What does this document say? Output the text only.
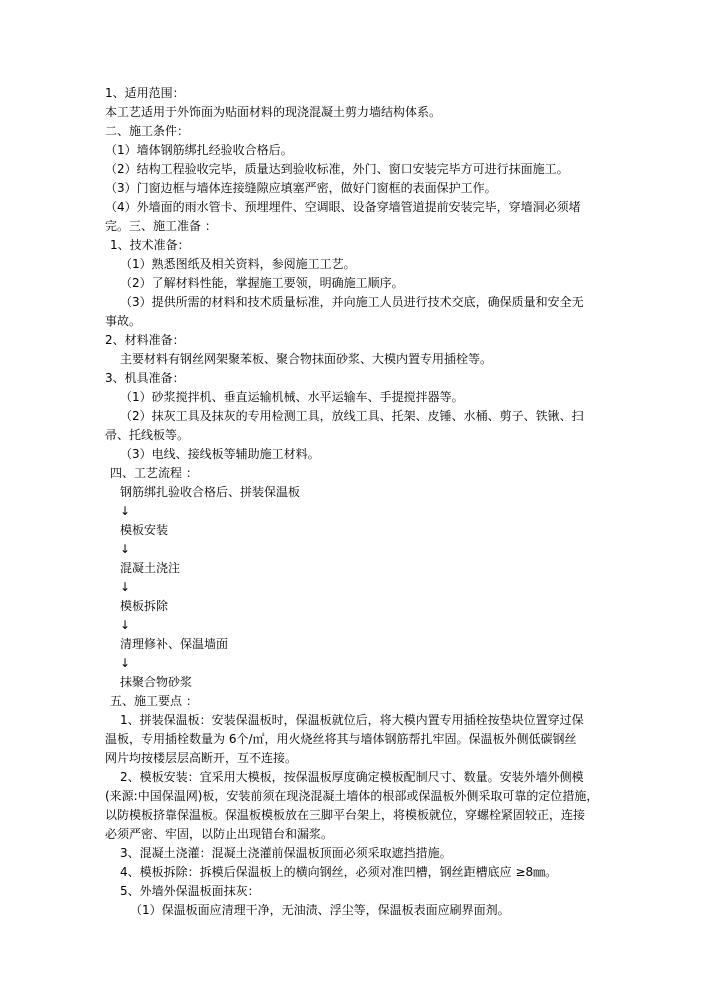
1、适用范围：
本工艺适用于外饰面为贴面材料的现浇混凝土剪力墙结构体系。
二、施工条件：
（1）墙体钢筋绑扎经验收合格后。
（2）结构工程验收完毕，质量达到验收标准，外门、窗口安装完毕方可进行抹面施工。
（3）门窗边框与墙体连接缝隙应填塞严密，做好门窗框的表面保护工作。
（4）外墙面的雨水管卡、预埋埋件、空调眼、设备穿墙管道提前安装完毕，穿墙洞必须堵
完。三、施工准备 ：
1、技术准备：
（1）熟悉图纸及相关资料，参阅施工工艺。
（2）了解材料性能，掌握施工要领，明确施工顺序。
（3）提供所需的材料和技术质量标准，并向施工人员进行技术交底，确保质量和安全无
事故。
2、材料准备：
主要材料有钢丝网架聚苯板、聚合物抹面砂浆、大模内置专用插栓等。
3、机具准备：
（1）砂浆搅拌机、垂直运输机械、水平运输车、手提搅拌器等。
（2）抹灰工具及抹灰的专用检测工具，放线工具、托架、皮锤、水桶、剪子、铁锹、扫
帚、托线板等。
（3）电线、接线板等辅助施工材料。
四、工艺流程 ：
钢筋绑扎验收合格后、拼装保温板
↓
模板安装
↓
混凝土浇注
↓
模板拆除
↓
清理修补、保温墙面
↓
抹聚合物砂浆
五、施工要点 ：
1、拼装保温板：安装保温板时，保温板就位后，将大模内置专用插栓按垫块位置穿过保
温板，专用插栓数量为 6个/㎡，用火烧丝将其与墙体钢筋帮扎牢固。保温板外侧低碳钢丝
网片均按楼层层高断开，互不连接。
2、模板安装：宜采用大模板，按保温板厚度确定模板配制尺寸、数量。安装外墙外侧模
(来源:中国保温网)板，安装前须在现浇混凝土墙体的根部或保温板外侧采取可靠的定位措施，
以防模板挤靠保温板。保温板模板放在三脚平台架上，将模板就位，穿螺栓紧固较正，连接
必须严密、牢固，以防止出现错台和漏浆。
3、混凝土浇灌：混凝土浇灌前保温板顶面必须采取遮挡措施。
4、模板拆除：拆模后保温板上的横向钢丝，必须对准凹槽，钢丝距槽底应 ≥8㎜。
5、外墙外保温板面抹灰：
（1）保温板面应清理干净，无油渍、浮尘等，保温板表面应刷界面剂。
